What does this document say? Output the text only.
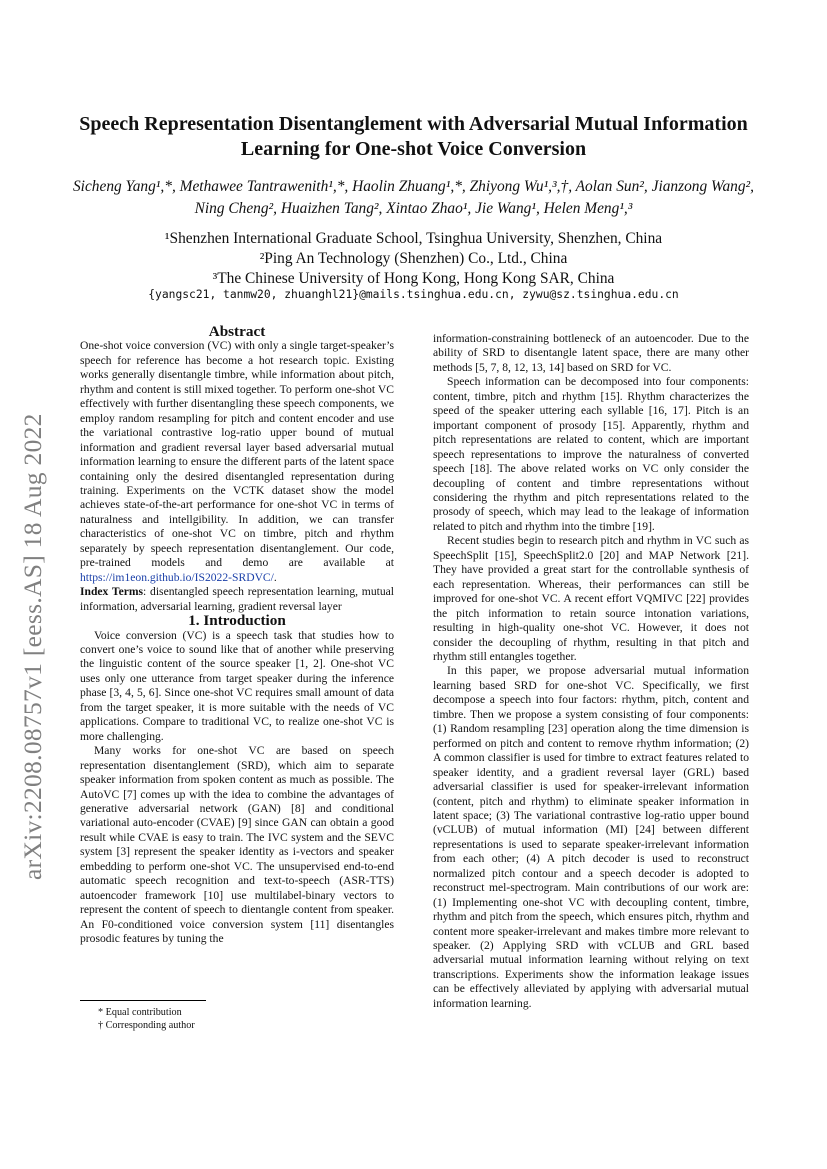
arXiv:2208.08757v1 [eess.AS] 18 Aug 2022
Speech Representation Disentanglement with Adversarial Mutual Information
Learning for One-shot Voice Conversion
Sicheng Yang¹,*, Methawee Tantrawenith¹,*, Haolin Zhuang¹,*, Zhiyong Wu¹,³,†, Aolan Sun², Jianzong Wang², Ning Cheng², Huaizhen Tang², Xintao Zhao¹, Jie Wang¹, Helen Meng¹,³
¹Shenzhen International Graduate School, Tsinghua University, Shenzhen, China
²Ping An Technology (Shenzhen) Co., Ltd., China
³The Chinese University of Hong Kong, Hong Kong SAR, China
{yangsc21, tanmw20, zhuanghl21}@mails.tsinghua.edu.cn, zywu@sz.tsinghua.edu.cn

Abstract

One-shot voice conversion (VC) with only a single target-speaker’s speech for reference has become a hot research topic. Existing works generally disentangle timbre, while information about pitch, rhythm and content is still mixed together. To perform one-shot VC effectively with further disentangling these speech components, we employ random resampling for pitch and content encoder and use the variational contrastive log-ratio upper bound of mutual information and gradient reversal layer based adversarial mutual information learning to ensure the different parts of the latent space containing only the desired disentangled representation during training. Experiments on the VCTK dataset show the model achieves state-of-the-art performance for one-shot VC in terms of naturalness and intellgibility. In addition, we can transfer characteristics of one-shot VC on timbre, pitch and rhythm separately by speech representation disentanglement. Our code, pre-trained models and demo are available at https://im1eon.github.io/IS2022-SRDVC/.

Index Terms: disentangled speech representation learning, mutual information, adversarial learning, gradient reversal layer

1. Introduction

Voice conversion (VC) is a speech task that studies how to convert one’s voice to sound like that of another while preserving the linguistic content of the source speaker [1, 2]. One-shot VC uses only one utterance from target speaker during the inference phase [3, 4, 5, 6]. Since one-shot VC requires small amount of data from the target speaker, it is more suitable with the needs of VC applications. Compare to traditional VC, to realize one-shot VC is more challenging.

Many works for one-shot VC are based on speech representation disentanglement (SRD), which aim to separate speaker information from spoken content as much as possible. The AutoVC [7] comes up with the idea to combine the advantages of generative adversarial network (GAN) [8] and conditional variational auto-encoder (CVAE) [9] since GAN can obtain a good result while CVAE is easy to train. The IVC system and the SEVC system [3] represent the speaker identity as i-vectors and speaker embedding to perform one-shot VC. The unsupervised end-to-end automatic speech recognition and text-to-speech (ASR-TTS) autoencoder framework [10] use multilabel-binary vectors to represent the content of speech to dientangle content from speaker. An F0-conditioned voice conversion system [11] disentangles prosodic features by tuning the

* Equal contribution

† Corresponding author

information-constraining bottleneck of an autoencoder. Due to the ability of SRD to disentangle latent space, there are many other methods [5, 7, 8, 12, 13, 14] based on SRD for VC.

Speech information can be decomposed into four components: content, timbre, pitch and rhythm [15]. Rhythm characterizes the speed of the speaker uttering each syllable [16, 17]. Pitch is an important component of prosody [15]. Apparently, rhythm and pitch representations are related to content, which are important speech representations to improve the naturalness of converted speech [18]. The above related works on VC only consider the decoupling of content and timbre representations without considering the rhythm and pitch representations related to the prosody of speech, which may lead to the leakage of information related to pitch and rhythm into the timbre [19].

Recent studies begin to research pitch and rhythm in VC such as SpeechSplit [15], SpeechSplit2.0 [20] and MAP Network [21]. They have provided a great start for the controllable synthesis of each representation. Whereas, their performances can still be improved for one-shot VC. A recent effort VQMIVC [22] provides the pitch information to retain source intonation variations, resulting in high-quality one-shot VC. However, it does not consider the decoupling of rhythm, resulting in that pitch and rhythm still entangles together.

In this paper, we propose adversarial mutual information learning based SRD for one-shot VC. Specifically, we first decompose a speech into four factors: rhythm, pitch, content and timbre. Then we propose a system consisting of four components: (1) Random resampling [23] operation along the time dimension is performed on pitch and content to remove rhythm information; (2) A common classifier is used for timbre to extract features related to speaker identity, and a gradient reversal layer (GRL) based adversarial classifier is used for speaker-irrelevant information (content, pitch and rhythm) to eliminate speaker information in latent space; (3) The variational contrastive log-ratio upper bound (vCLUB) of mutual information (MI) [24] between different representations is used to separate speaker-irrelevant information from each other; (4) A pitch decoder is used to reconstruct normalized pitch contour and a speech decoder is adopted to reconstruct mel-spectrogram. Main contributions of our work are: (1) Implementing one-shot VC with decoupling content, timbre, rhythm and pitch from the speech, which ensures pitch, rhythm and content more speaker-irrelevant and makes timbre more relevant to speaker. (2) Applying SRD with vCLUB and GRL based adversarial mutual information learning without relying on text transcriptions. Experiments show the information leakage issues can be effectively alleviated by applying with adversarial mutual information learning.
